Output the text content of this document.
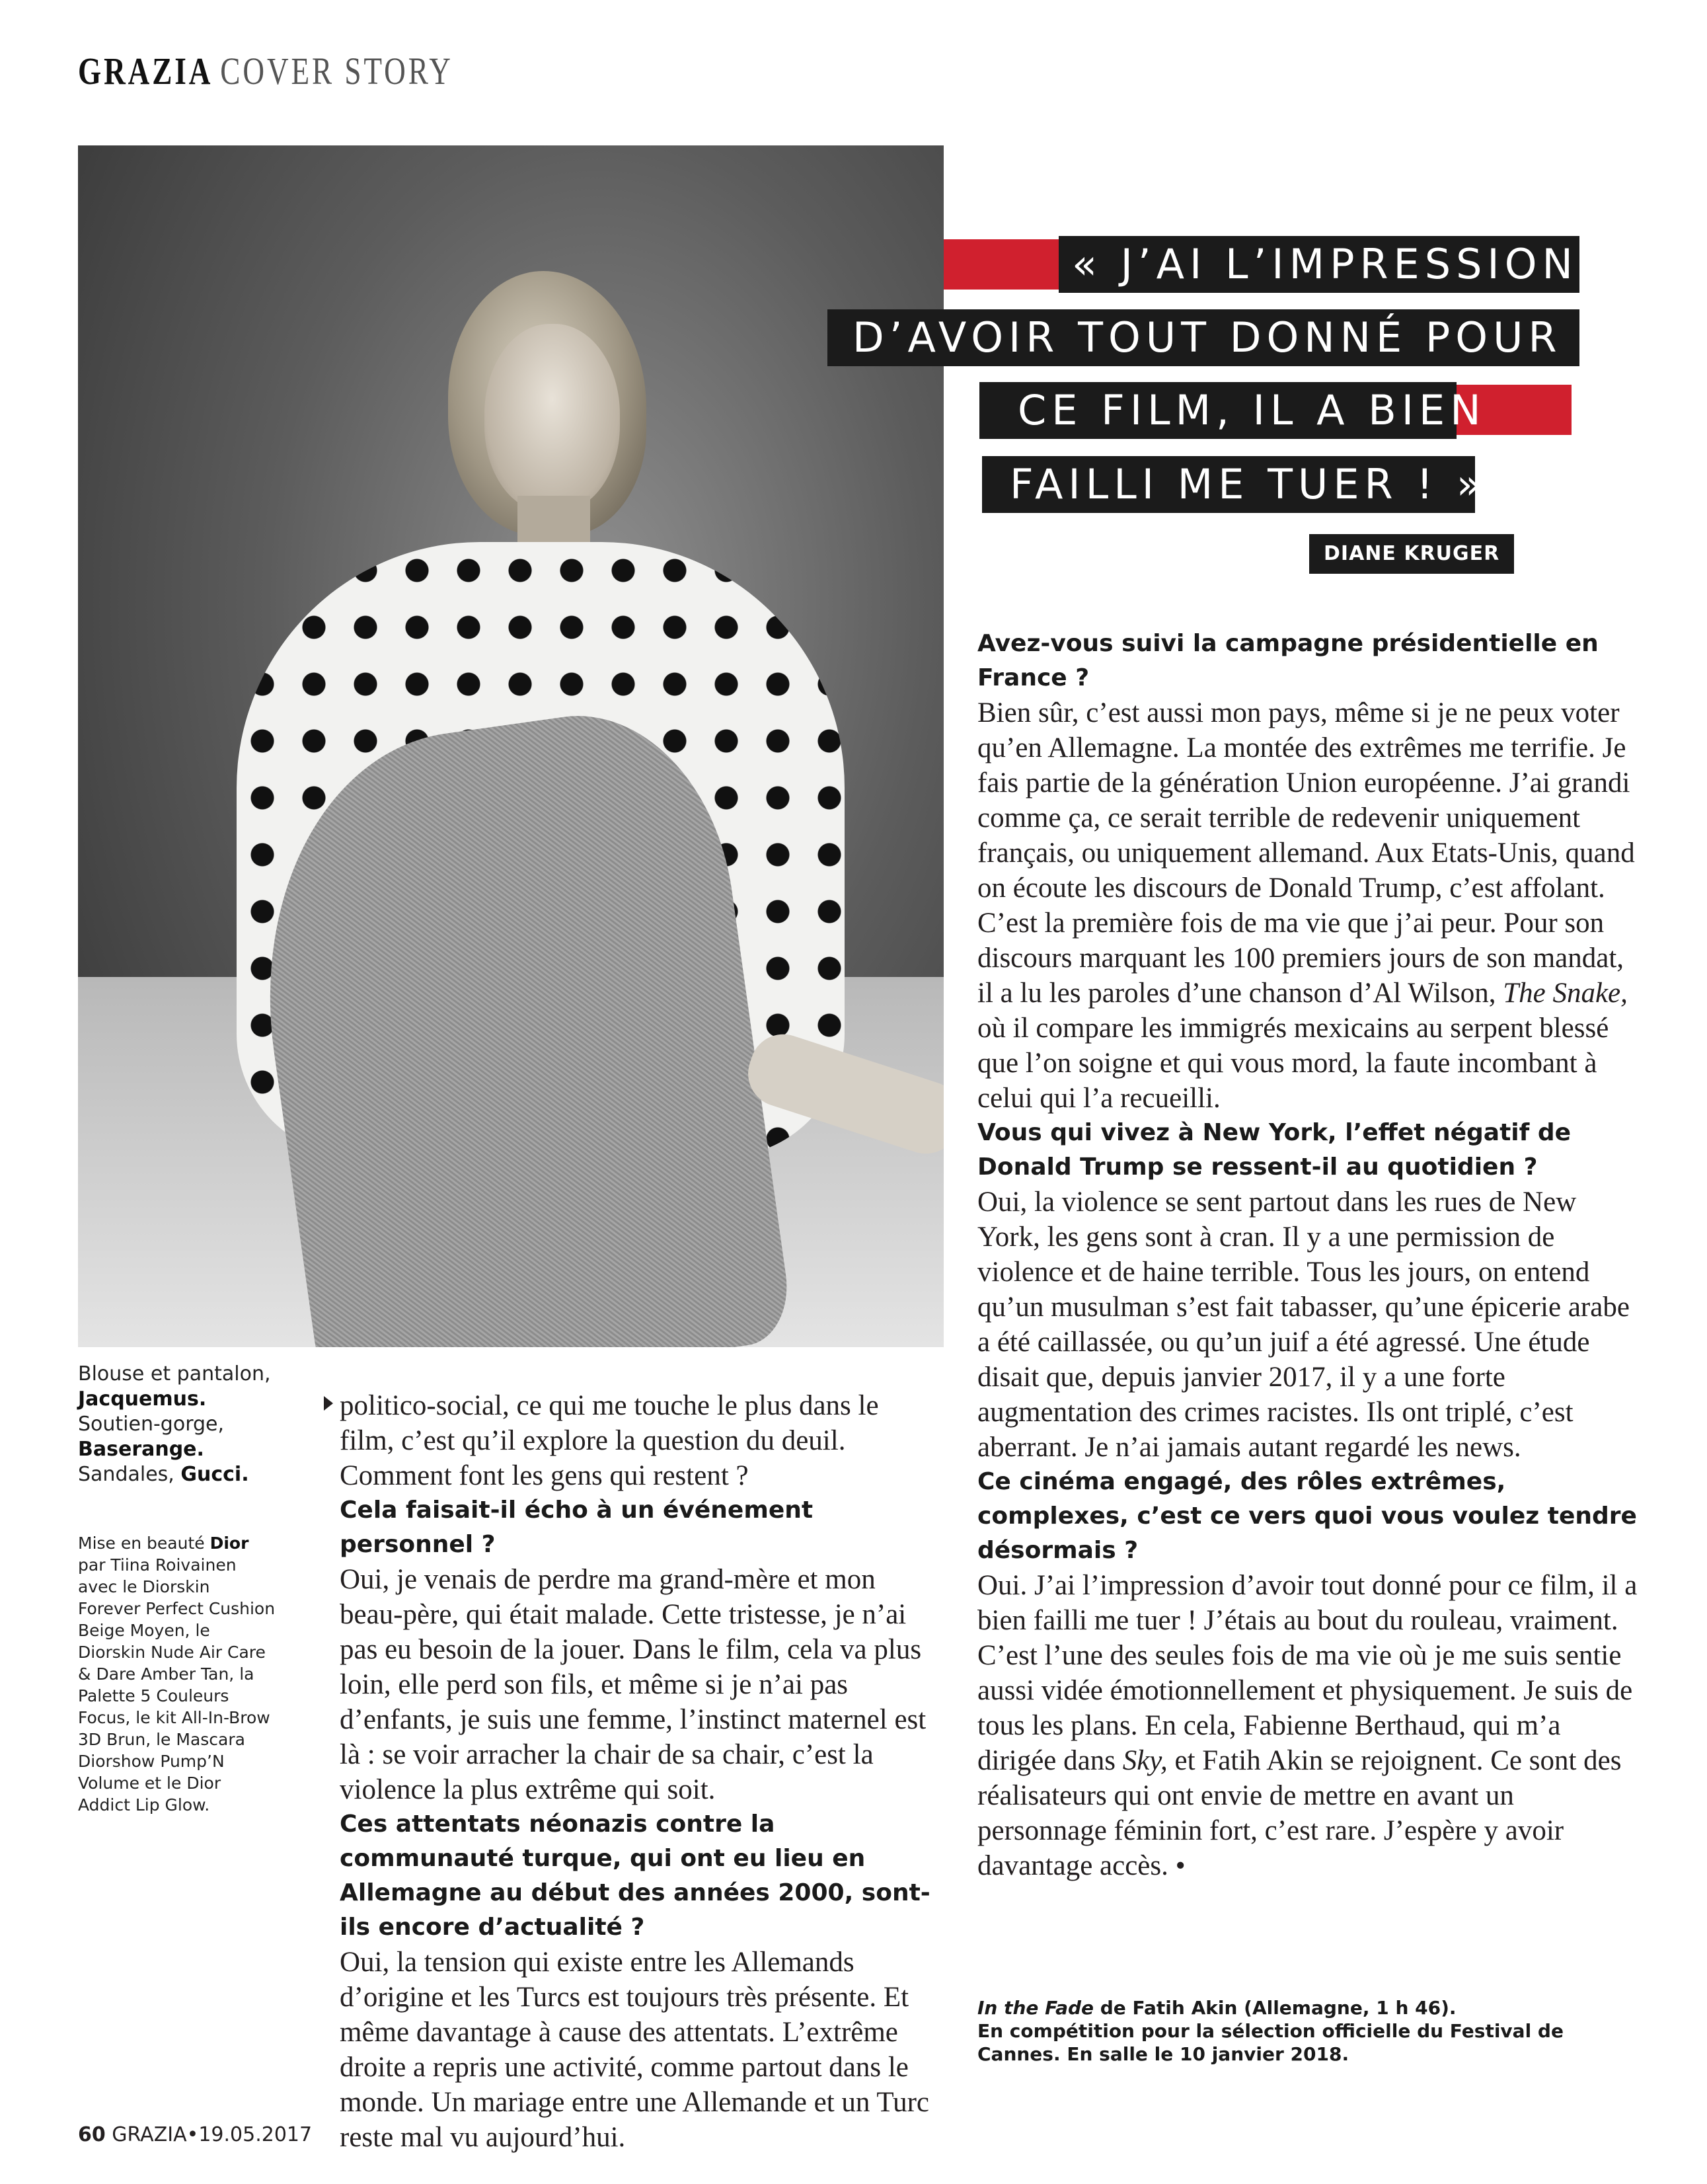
GRAZIA COVER STORY
« J’AI L’IMPRESSION
D’AVOIR TOUT DONNÉ POUR
CE FILM, IL A BIEN
FAILLI ME TUER ! »
DIANE KRUGER
Blouse et pantalon, Jacquemus. Soutien-gorge, Baserange. Sandales, Gucci.
Mise en beauté Dior par Tiina Roivainen avec le Diorskin Forever Perfect Cushion Beige Moyen, le Diorskin Nude Air Care & Dare Amber Tan, la Palette 5 Couleurs Focus, le kit All-In-Brow 3D Brun, le Mascara Diorshow Pump’N Volume et le Dior Addict Lip Glow.

politico-social, ce qui me touche le plus dans le film, c’est qu’il explore la question du deuil. Comment font les gens qui restent ?

Cela faisait-il écho à un événement personnel ?

Oui, je venais de perdre ma grand-mère et mon beau-père, qui était malade. Cette tristesse, je n’ai pas eu besoin de la jouer. Dans le film, cela va plus loin, elle perd son fils, et même si je n’ai pas d’enfants, je suis une femme, l’instinct maternel est là : se voir arracher la chair de sa chair, c’est la violence la plus extrême qui soit.

Ces attentats néonazis contre la communauté turque, qui ont eu lieu en Allemagne au début des années 2000, sont-ils encore d’actualité ?

Oui, la tension qui existe entre les Allemands d’origine et les Turcs est toujours très présente. Et même davantage à cause des attentats. L’extrême droite a repris une activité, comme partout dans le monde. Un mariage entre une Allemande et un Turc reste mal vu aujourd’hui.

Avez-vous suivi la campagne présidentielle en France ?

Bien sûr, c’est aussi mon pays, même si je ne peux voter qu’en Allemagne. La montée des extrêmes me terrifie. Je fais partie de la génération Union européenne. J’ai grandi comme ça, ce serait terrible de redevenir uniquement français, ou uniquement allemand. Aux Etats-Unis, quand on écoute les discours de Donald Trump, c’est affolant. C’est la première fois de ma vie que j’ai peur. Pour son discours marquant les 100 premiers jours de son mandat, il a lu les paroles d’une chanson d’Al Wilson, The Snake, où il compare les immigrés mexicains au serpent blessé que l’on soigne et qui vous mord, la faute incombant à celui qui l’a recueilli.

Vous qui vivez à New York, l’effet négatif de Donald Trump se ressent-il au quotidien ?

Oui, la violence se sent partout dans les rues de New York, les gens sont à cran. Il y a une permission de violence et de haine terrible. Tous les jours, on entend qu’un musulman s’est fait tabasser, qu’une épicerie arabe a été caillassée, ou qu’un juif a été agressé. Une étude disait que, depuis janvier 2017, il y a une forte augmentation des crimes racistes. Ils ont triplé, c’est aberrant. Je n’ai jamais autant regardé les news.

Ce cinéma engagé, des rôles extrêmes, complexes, c’est ce vers quoi vous voulez tendre désormais ?

Oui. J’ai l’impression d’avoir tout donné pour ce film, il a bien failli me tuer ! J’étais au bout du rouleau, vraiment. C’est l’une des seules fois de ma vie où je me suis sentie aussi vidée émotionnellement et physiquement. Je suis de tous les plans. En cela, Fabienne Berthaud, qui m’a dirigée dans Sky, et Fatih Akin se rejoignent. Ce sont des réalisateurs qui ont envie de mettre en avant un personnage féminin fort, c’est rare. J’espère y avoir davantage accès. •

In the Fade de Fatih Akin (Allemagne, 1 h 46).
En compétition pour la sélection officielle du Festival de Cannes. En salle le 10 janvier 2018.
60 GRAZIA•19.05.2017
